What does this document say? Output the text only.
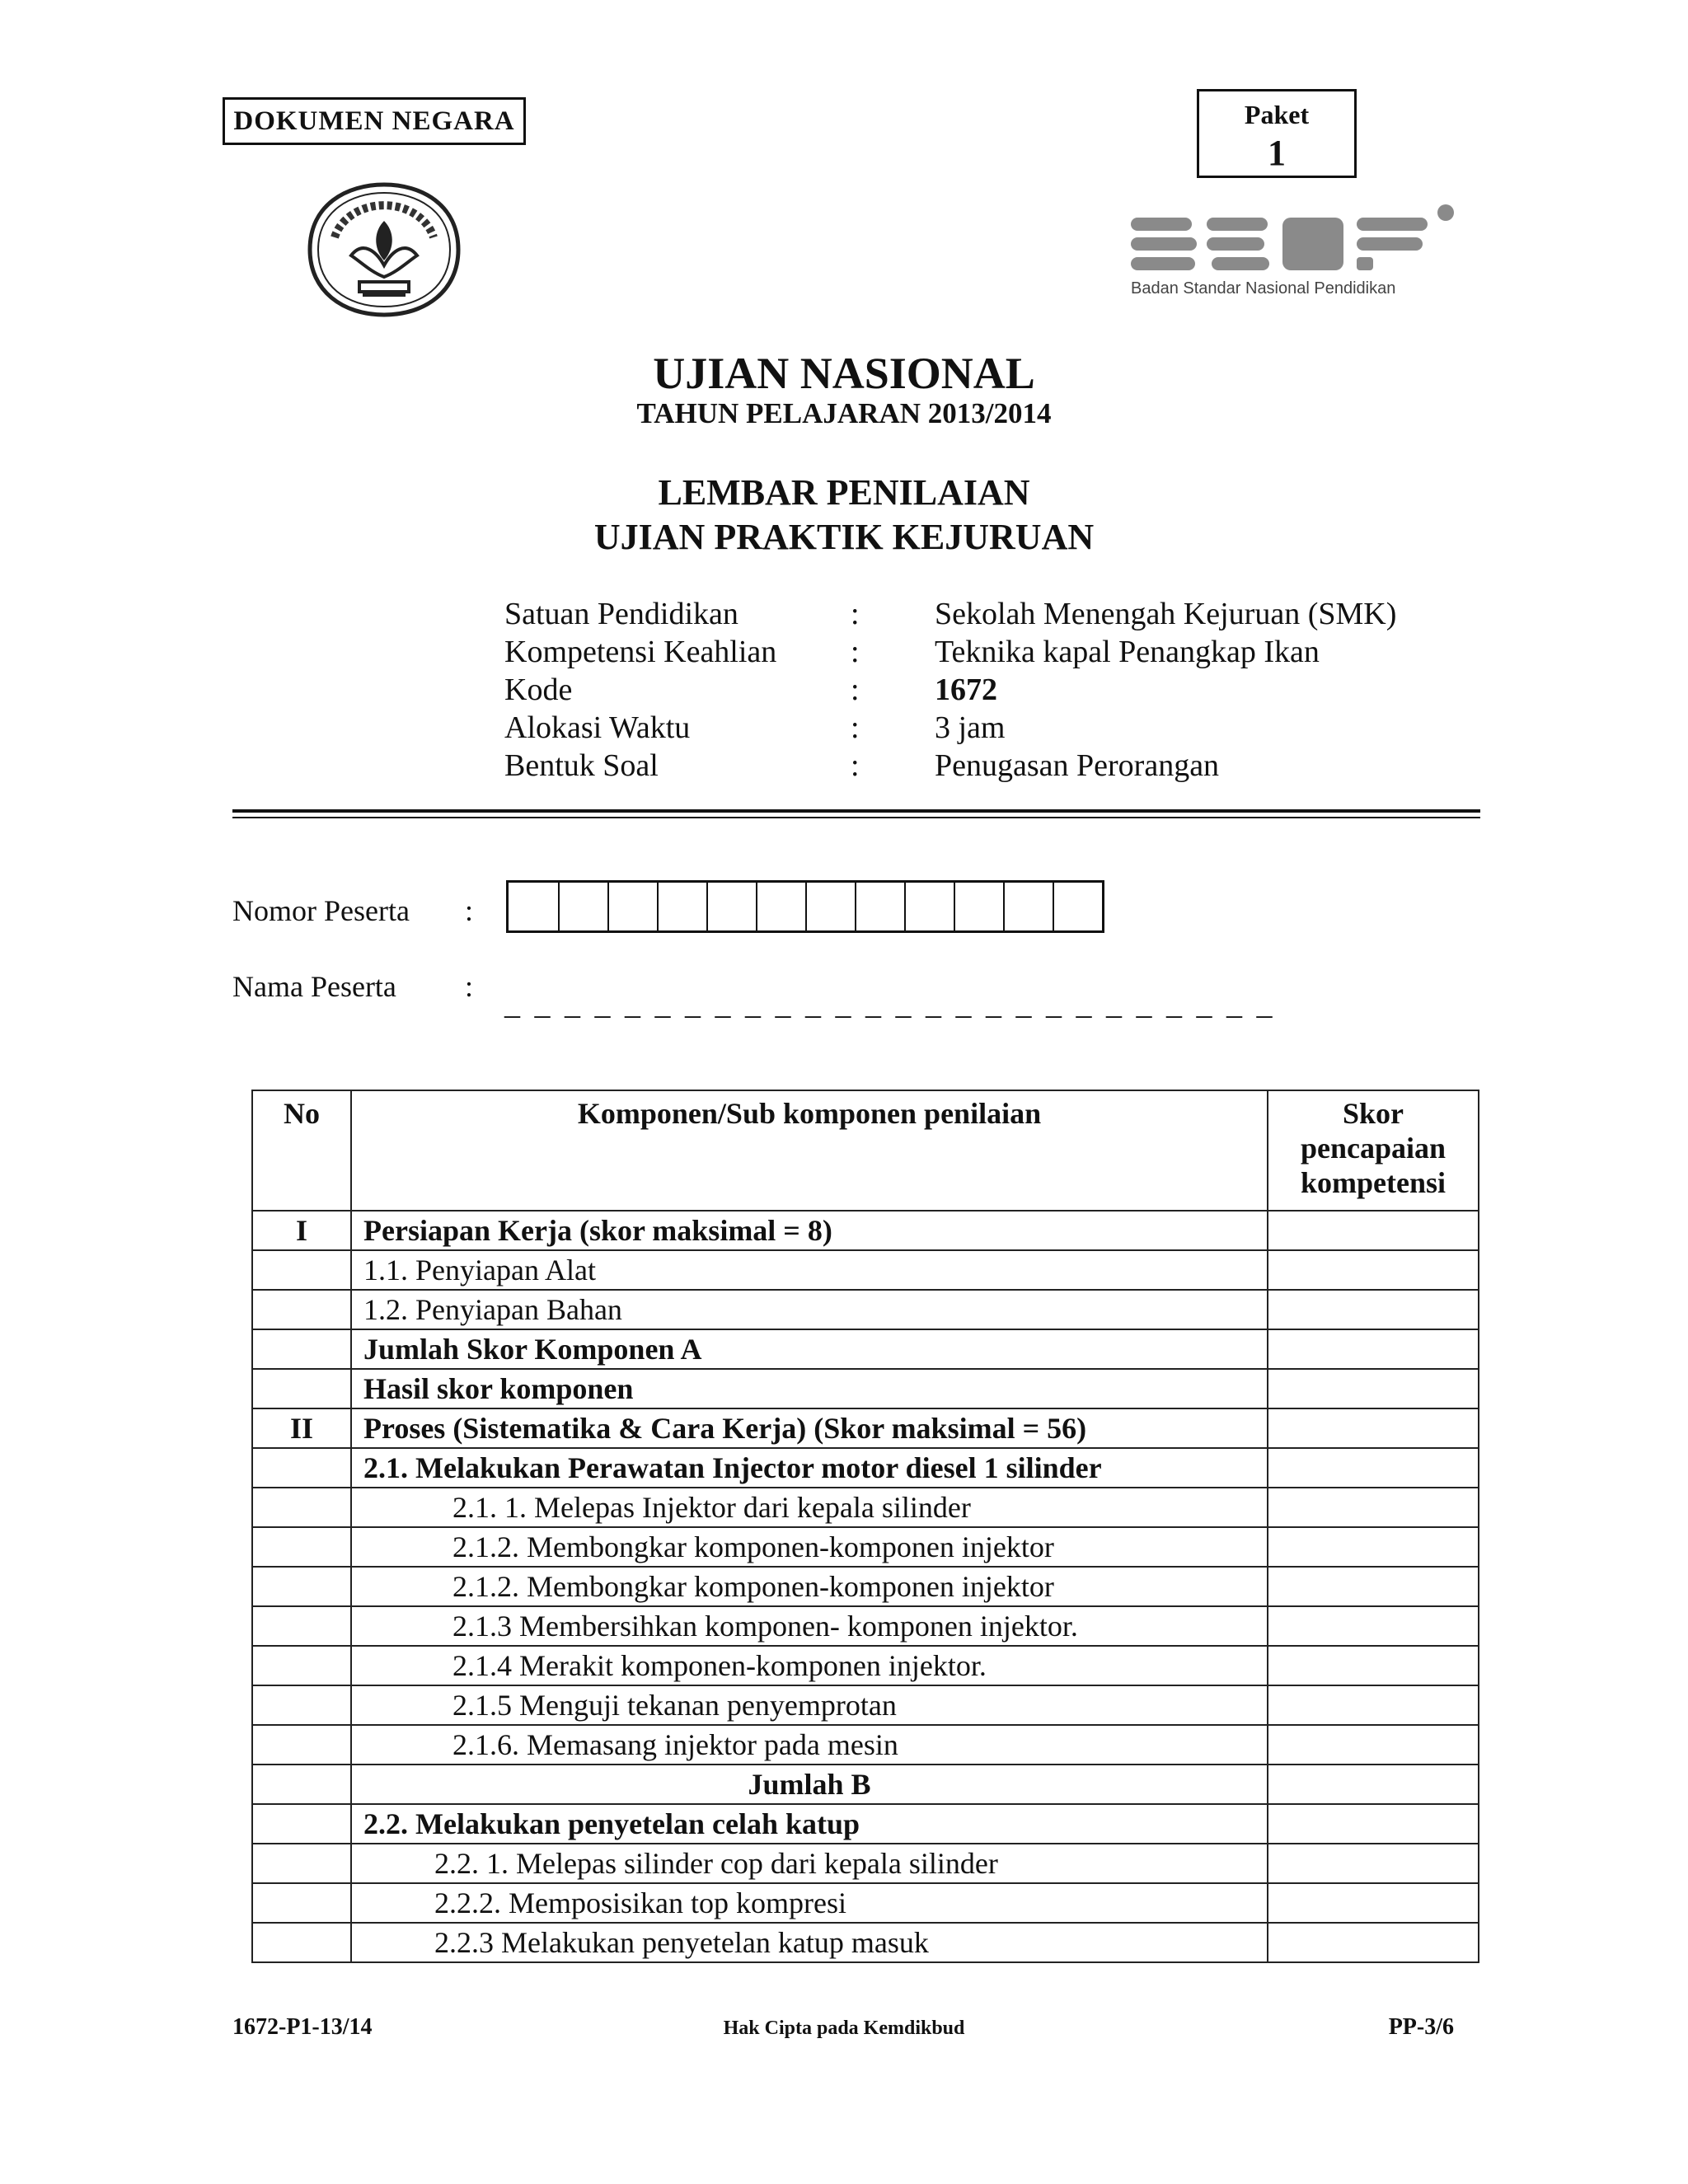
DOKUMEN NEGARA	Paket
1
Badan Standar Nasional Pendidikan
UJIAN NASIONAL
TAHUN PELAJARAN 2013/2014
LEMBAR PENILAIAN
UJIAN PRAKTIK KEJURUAN
Satuan Pendidikan	:	Sekolah Menengah Kejuruan (SMK)
Kompetensi Keahlian	:	Teknika kapal Penangkap Ikan
Kode	:	1672
Alokasi Waktu	:	3 jam
Bentuk Soal	:	Penugasan Perorangan
Nomor Peserta :
Nama Peserta : _ _ _ _ _ _ _ _ _ _ _ _ _ _ _ _ _ _ _ _ _ _ _ _ _ _
No	Komponen/Sub komponen penilaian	Skor
pencapaian
kompetensi

I	Persiapan Kerja (skor maksimal = 8)	
	1.1. Penyiapan Alat	
	1.2. Penyiapan Bahan	
	Jumlah Skor Komponen A	
	Hasil skor komponen	
II	Proses (Sistematika & Cara Kerja) (Skor maksimal = 56)	
	2.1. Melakukan Perawatan Injector motor diesel 1 silinder	
	2.1. 1. Melepas Injektor dari kepala silinder	
	2.1.2. Membongkar komponen-komponen injektor	
	2.1.2. Membongkar komponen-komponen injektor	
	2.1.3 Membersihkan komponen- komponen injektor.	
	2.1.4 Merakit komponen-komponen injektor.	
	2.1.5 Menguji tekanan penyemprotan	
	2.1.6. Memasang injektor pada mesin	
	Jumlah B	
	2.2. Melakukan penyetelan celah katup	
	2.2. 1. Melepas silinder cop dari kepala silinder	
	2.2.2. Memposisikan top kompresi	
	2.2.3 Melakukan penyetelan katup masuk	
1672-P1-13/14	Hak Cipta pada Kemdikbud	PP-3/6
